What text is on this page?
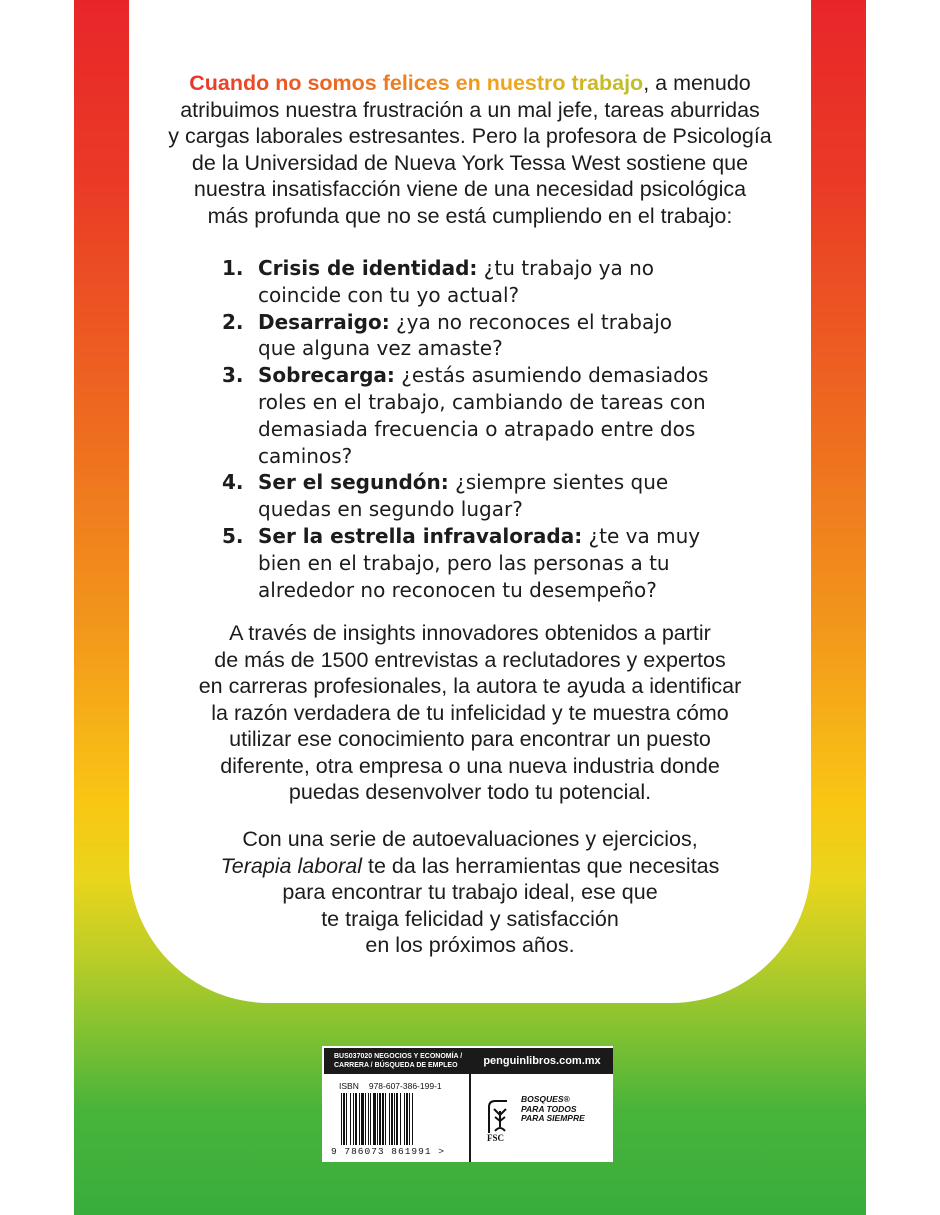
Cuando no somos felices en nuestro trabajo, a menudo
atribuimos nuestra frustración a un mal jefe, tareas aburridas
y cargas laborales estresantes. Pero la profesora de Psicología
de la Universidad de Nueva York Tessa West sostiene que
nuestra insatisfacción viene de una necesidad psicológica
más profunda que no se está cumpliendo en el trabajo:
1. Crisis de identidad: ¿tu trabajo ya no
coincide con tu yo actual?
2. Desarraigo: ¿ya no reconoces el trabajo
que alguna vez amaste?
3. Sobrecarga: ¿estás asumiendo demasiados
roles en el trabajo, cambiando de tareas con
demasiada frecuencia o atrapado entre dos
caminos?
4. Ser el segundón: ¿siempre sientes que
quedas en segundo lugar?
5. Ser la estrella infravalorada: ¿te va muy
bien en el trabajo, pero las personas a tu
alrededor no reconocen tu desempeño?
A través de insights innovadores obtenidos a partir
de más de 1500 entrevistas a reclutadores y expertos
en carreras profesionales, la autora te ayuda a identificar
la razón verdadera de tu infelicidad y te muestra cómo
utilizar ese conocimiento para encontrar un puesto
diferente, otra empresa o una nueva industria donde
puedas desenvolver todo tu potencial.
Con una serie de autoevaluaciones y ejercicios,
Terapia laboral te da las herramientas que necesitas
para encontrar tu trabajo ideal, ese que
te traiga felicidad y satisfacción
en los próximos años.
BUS037020 NEGOCIOS Y ECONOMÍA /
CARRERA / BÚSQUEDA DE EMPLEO	penguinlibros.com.mx
ISBN 978-607-386-199-1
9 786073 861991 >
FSC
BOSQUES®
PARA TODOS
PARA SIEMPRE
